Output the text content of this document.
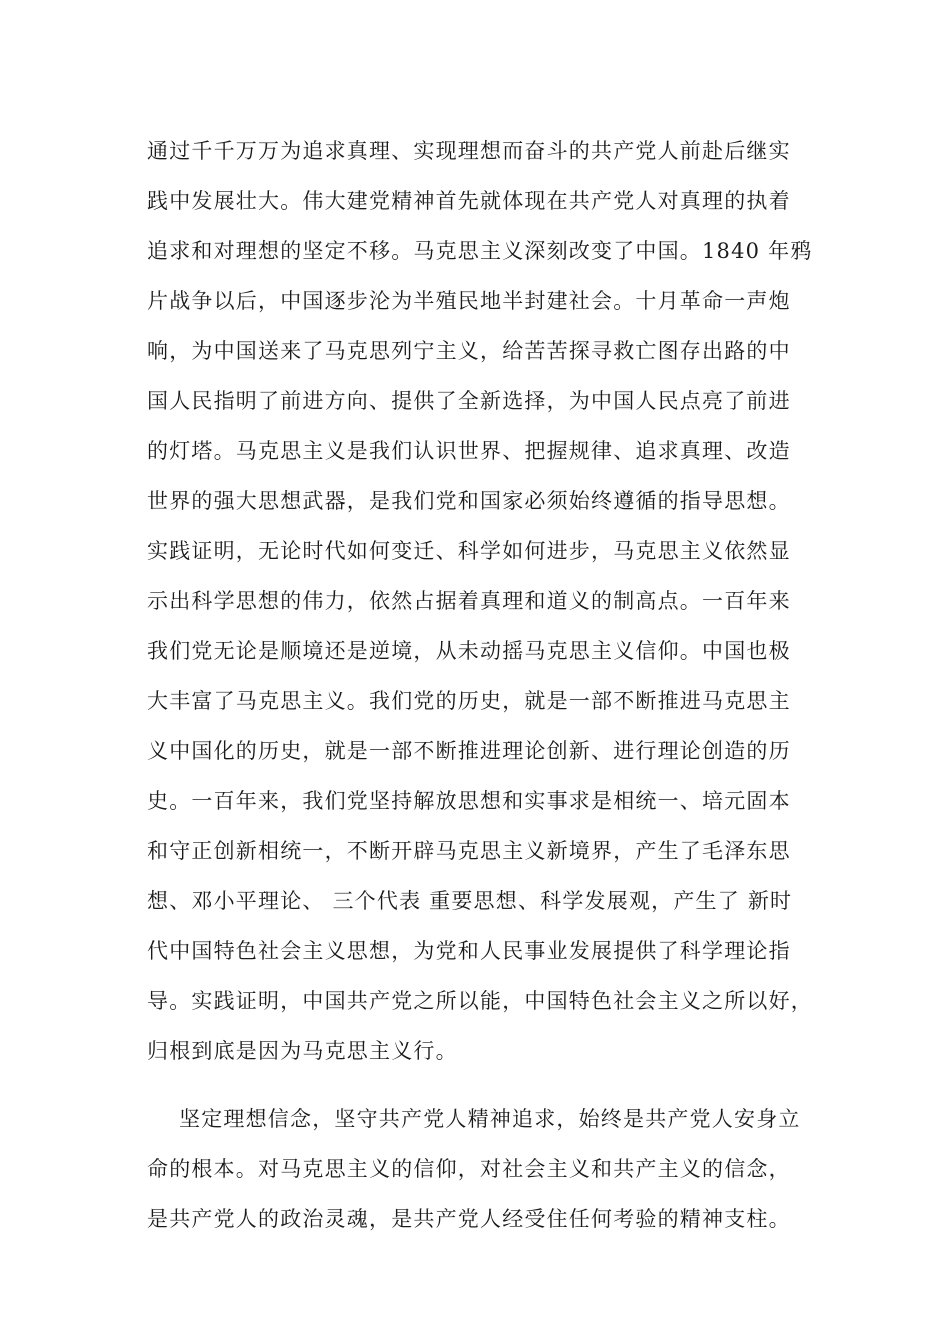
通过千千万万为追求真理、实现理想而奋斗的共产党人前赴后继实
践中发展壮大。伟大建党精神首先就体现在共产党人对真理的执着
追求和对理想的坚定不移。马克思主义深刻改变了中国。1840 年鸦
片战争以后，中国逐步沦为半殖民地半封建社会。十月革命一声炮
响，为中国送来了马克思列宁主义，给苦苦探寻救亡图存出路的中
国人民指明了前进方向、提供了全新选择，为中国人民点亮了前进
的灯塔。马克思主义是我们认识世界、把握规律、追求真理、改造
世界的强大思想武器，是我们党和国家必须始终遵循的指导思想。
实践证明，无论时代如何变迁、科学如何进步，马克思主义依然显
示出科学思想的伟力，依然占据着真理和道义的制高点。一百年来
我们党无论是顺境还是逆境，从未动摇马克思主义信仰。中国也极
大丰富了马克思主义。我们党的历史，就是一部不断推进马克思主
义中国化的历史，就是一部不断推进理论创新、进行理论创造的历
史。一百年来，我们党坚持解放思想和实事求是相统一、培元固本
和守正创新相统一，不断开辟马克思主义新境界，产生了毛泽东思
想、邓小平理论、 三个代表 重要思想、科学发展观，产生了 新时
代中国特色社会主义思想，为党和人民事业发展提供了科学理论指
导。实践证明，中国共产党之所以能，中国特色社会主义之所以好，
归根到底是因为马克思主义行。
坚定理想信念，坚守共产党人精神追求，始终是共产党人安身立
命的根本。对马克思主义的信仰，对社会主义和共产主义的信念，
是共产党人的政治灵魂，是共产党人经受住任何考验的精神支柱。
